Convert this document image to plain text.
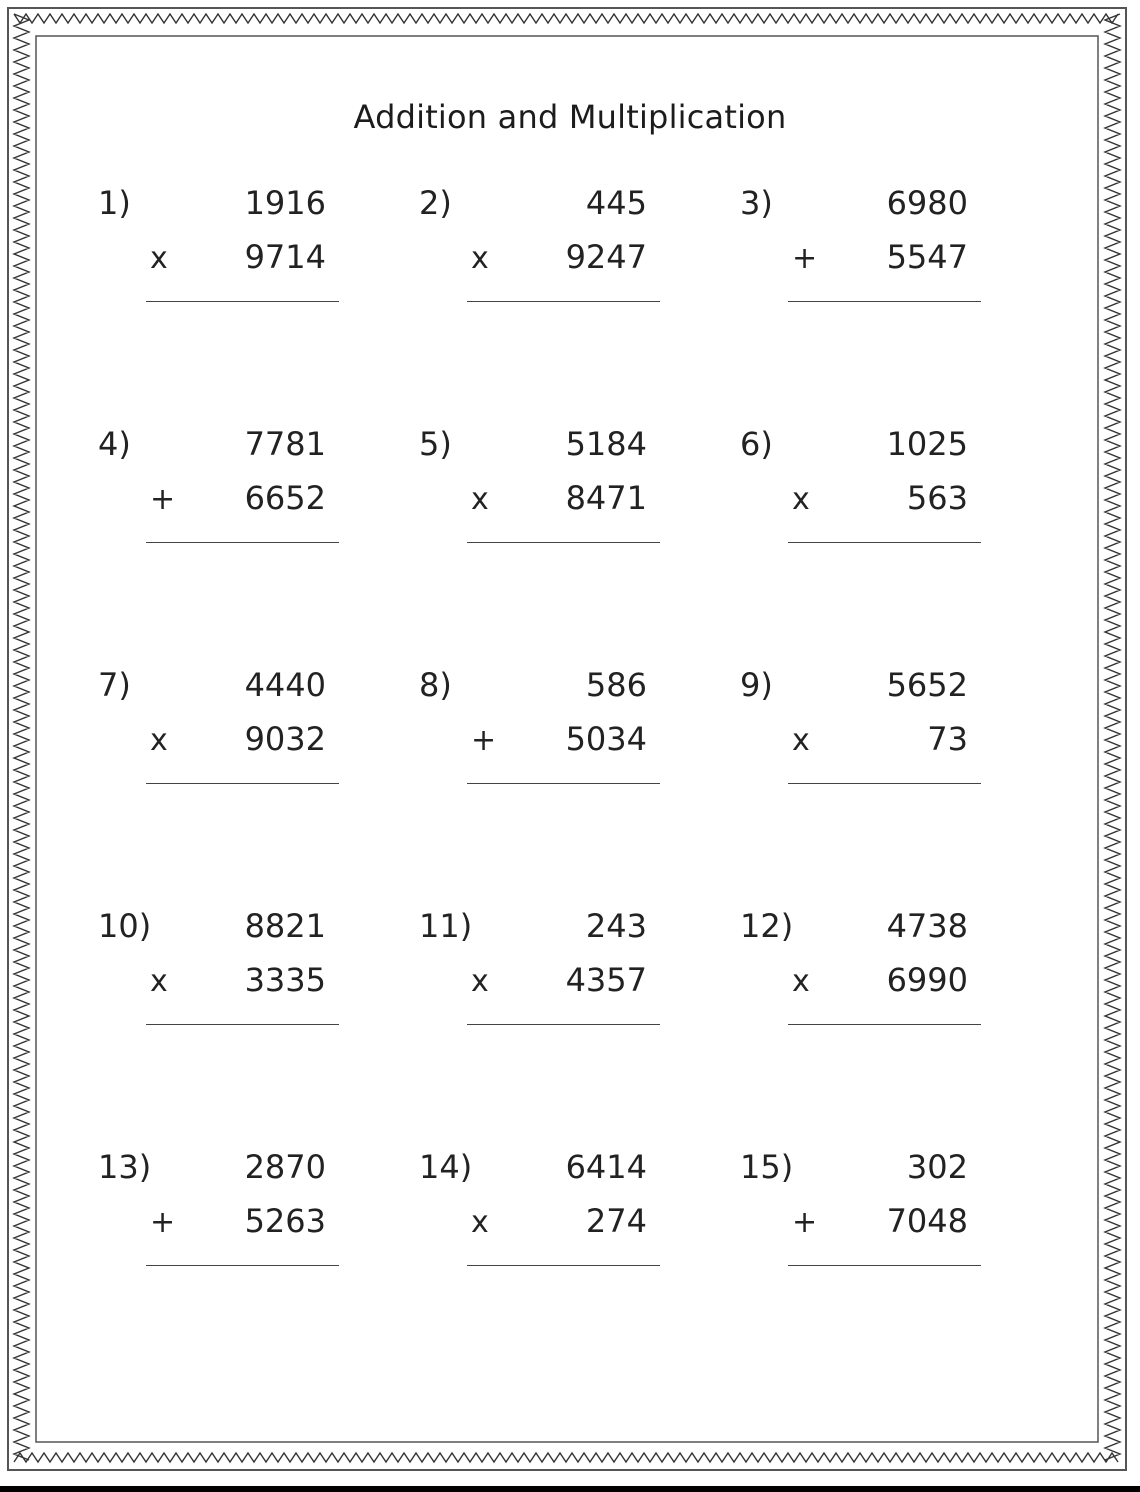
Addition and Multiplication
1)	1916
x 9714
2)	445
x 9247
3)	6980
+ 5547
4)	7781
+ 6652
5)	5184
x 8471
6)	1025
x	563
7)	4440
x 9032
8)	586
+ 5034
9)	5652
x	73
10)	8821
x 3335
11)	243
x 4357
12)	4738
x 6990
13)	2870
+ 5263
14)	6414
x	274
15)	302
+ 7048
